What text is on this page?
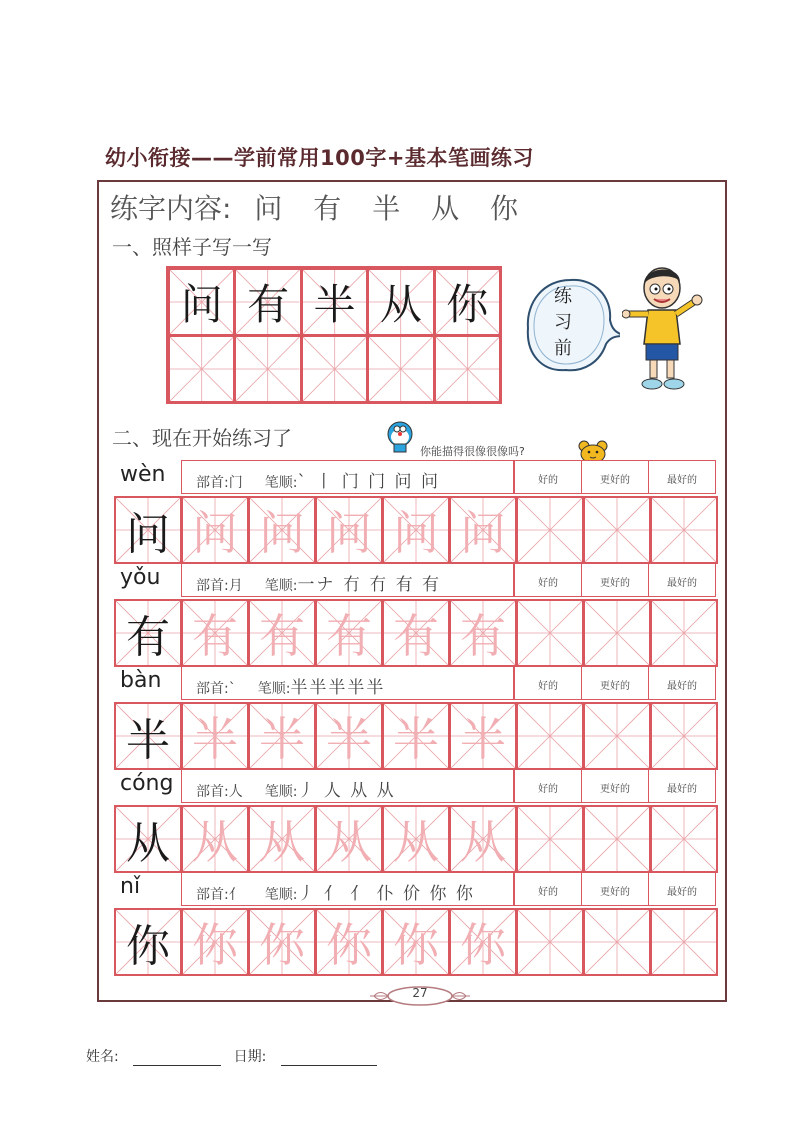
幼小衔接——学前常用100字+基本笔画练习
练字内容: 问 有 半 从 你
一、照样子写一写
问 有 半 从 你	练习前
二、现在开始练习了
你能描得很像很像吗?
wèn 部首:门 笔顺:` 丨 门 门 问 问	好的	更好的	最好的
问 问 问 问 问 问
yǒu	部首:月 笔顺:一ナ 冇 冇 有 有	好的	更好的	最好的
有 有 有 有 有 有
bàn 部首:` 笔顺:半半半半半	好的	更好的	最好的
半 半 半 半 半 半
cóng 部首:人 笔顺:丿 人 从 从	好的	更好的	最好的
从 从 从 从 从 从
nǐ	部首:亻 笔顺:丿 亻 亻 仆 价 你 你	好的	更好的	最好的
你 你 你 你 你 你
27
姓名:	日期:
